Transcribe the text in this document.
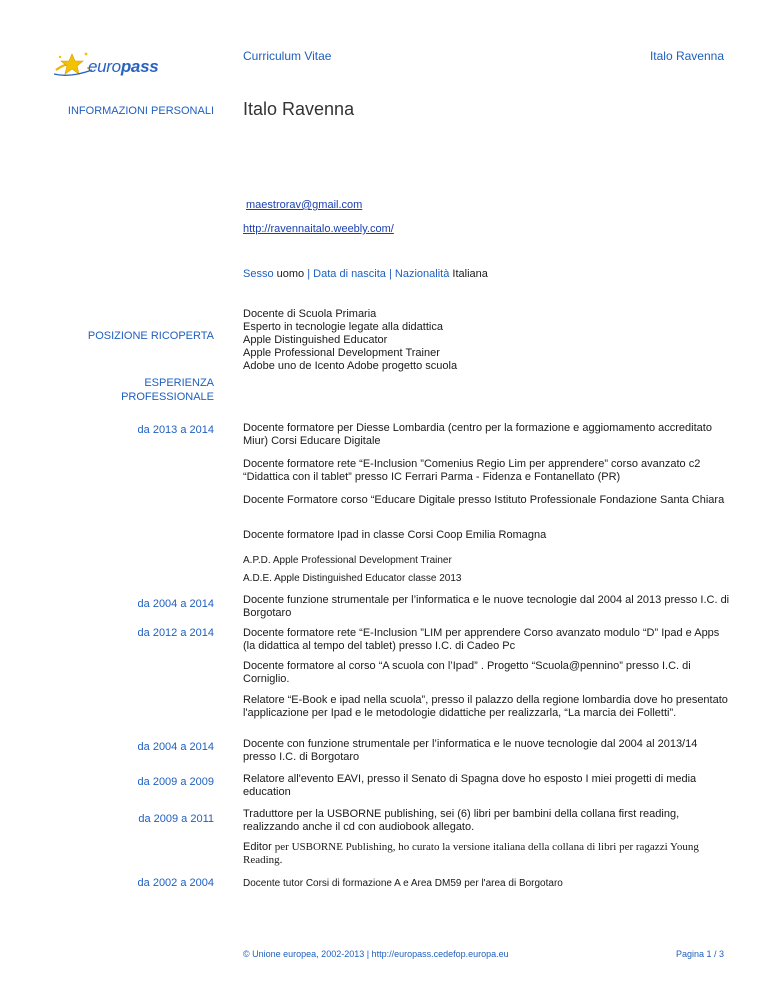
europass
Curriculum Vitae	Italo Ravenna
INFORMAZIONI PERSONALI Italo Ravenna
maestrorav@gmail.com
http://ravennaitalo.weebly.com/
Sesso uomo | Data di nascita | Nazionalità Italiana
POSIZIONE RICOPERTA
Docente di Scuola Primaria
Esperto in tecnologie legate alla didattica
Apple Distinguished Educator
Apple Professional Development Trainer
Adobe uno de Icento Adobe progetto scuola
ESPERIENZA
PROFESSIONALE
da 2013 a 2014	Docente formatore per Diesse Lombardia (centro per la formazione e aggiomamento accreditato Miur) Corsi Educare Digitale
Docente formatore rete “E-Inclusion ”Comenius Regio Lim per apprendere” corso avanzato c2 “Didattica con il tablet” presso IC Ferrari Parma - Fidenza e Fontanellato (PR)
Docente Formatore corso “Educare Digitale presso Istituto Professionale Fondazione Santa Chiara
Docente formatore Ipad in classe Corsi Coop Emilia Romagna
A.P.D. Apple Professional Development Trainer
A.D.E. Apple Distinguished Educator classe 2013
da 2004 a 2014	Docente funzione strumentale per l’informatica e le nuove tecnologie dal 2004 al 2013 presso I.C. di Borgotaro
da 2012 a 2014	Docente formatore rete “E-Inclusion ”LIM per apprendere Corso avanzato modulo “D” Ipad e Apps (la didattica al tempo del tablet) presso I.C. di Cadeo Pc
Docente formatore al corso “A scuola con l’Ipad” . Progetto “Scuola@pennino” presso I.C. di Corniglio.
Relatore “E-Book e ipad nella scuola”, presso il palazzo della regione lombardia dove ho presentato l'applicazione per Ipad e le metodologie didattiche per realizzarla, “La marcia dei Folletti”.
da 2004 a 2014	Docente con funzione strumentale per l’informatica e le nuove tecnologie dal 2004 al 2013/14 presso I.C. di Borgotaro
da 2009 a 2009	Relatore all'evento EAVI, presso il Senato di Spagna dove ho esposto I miei progetti di media education
da 2009 a 2011	Traduttore per la USBORNE publishing, sei (6) libri per bambini della collana first reading, realizzando anche il cd con audiobook allegato.
Editor per USBORNE Publishing, ho curato la versione italiana della collana di libri per ragazzi Young Reading.
da 2002 a 2004	Docente tutor Corsi di formazione A e Area DM59 per l'area di Borgotaro
© Unione europea, 2002-2013 | http://europass.cedefop.europa.eu	Pagina 1 / 3
